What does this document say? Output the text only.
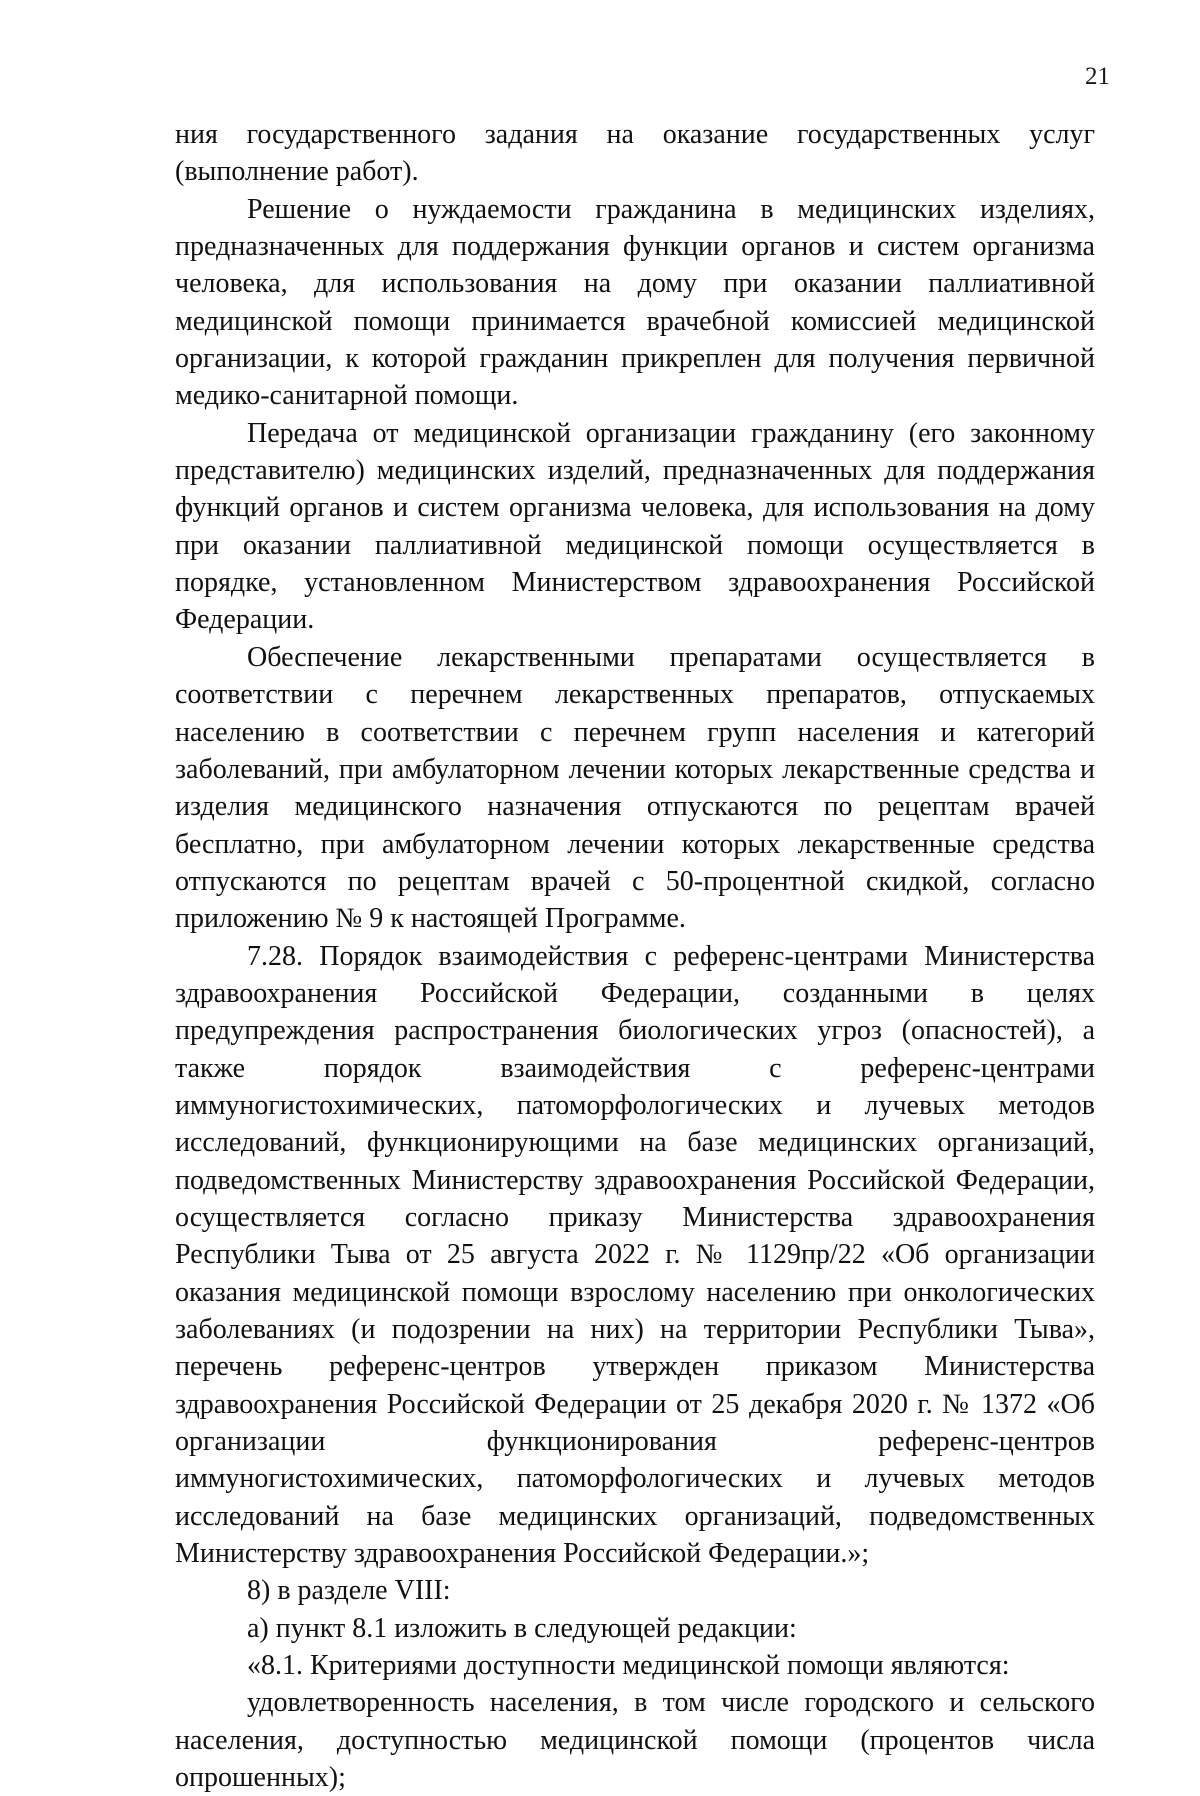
21

ния государственного задания на оказание государственных услуг (выполнение работ).

Решение о нуждаемости гражданина в медицинских изделиях, предназначенных для поддержания функции органов и систем организма человека, для использования на дому при оказании паллиативной медицинской помощи принимается врачебной комиссией медицинской организации, к которой гражданин прикреплен для получения первичной медико-санитарной помощи.

Передача от медицинской организации гражданину (его законному представителю) медицинских изделий, предназначенных для поддержания функций органов и систем организма человека, для использования на дому при оказании паллиативной медицинской помощи осуществляется в порядке, установленном Министерством здравоохранения Российской Федерации.

Обеспечение лекарственными препаратами осуществляется в соответствии с перечнем лекарственных препаратов, отпускаемых населению в соответствии с перечнем групп населения и категорий заболеваний, при амбулаторном лечении которых лекарственные средства и изделия медицинского назначения отпускаются по рецептам врачей бесплатно, при амбулаторном лечении которых лекарственные средства отпускаются по рецептам врачей с 50-процентной скидкой, согласно приложению № 9 к настоящей Программе.

7.28. Порядок взаимодействия с референс-центрами Министерства здравоохранения Российской Федерации, созданными в целях предупреждения распространения биологических угроз (опасностей), а также порядок взаимодействия с референс-центрами иммуногистохимических, патоморфологических и лучевых методов исследований, функционирующими на базе медицинских организаций, подведомственных Министерству здравоохранения Российской Федерации, осуществляется согласно приказу Министерства здравоохранения Республики Тыва от 25 августа 2022 г. № 1129пр/22 «Об организации оказания медицинской помощи взрослому населению при онкологических заболеваниях (и подозрении на них) на территории Республики Тыва», перечень референс-центров утвержден приказом Министерства здравоохранения Российской Федерации от 25 декабря 2020 г. № 1372 «Об организации функционирования референс-центров иммуногистохимических, патоморфологических и лучевых методов исследований на базе медицинских организаций, подведомственных Министерству здравоохранения Российской Федерации.»;

8) в разделе VIII:

а) пункт 8.1 изложить в следующей редакции:

«8.1. Критериями доступности медицинской помощи являются:

удовлетворенность населения, в том числе городского и сельского населения, доступностью медицинской помощи (процентов числа опрошенных);
